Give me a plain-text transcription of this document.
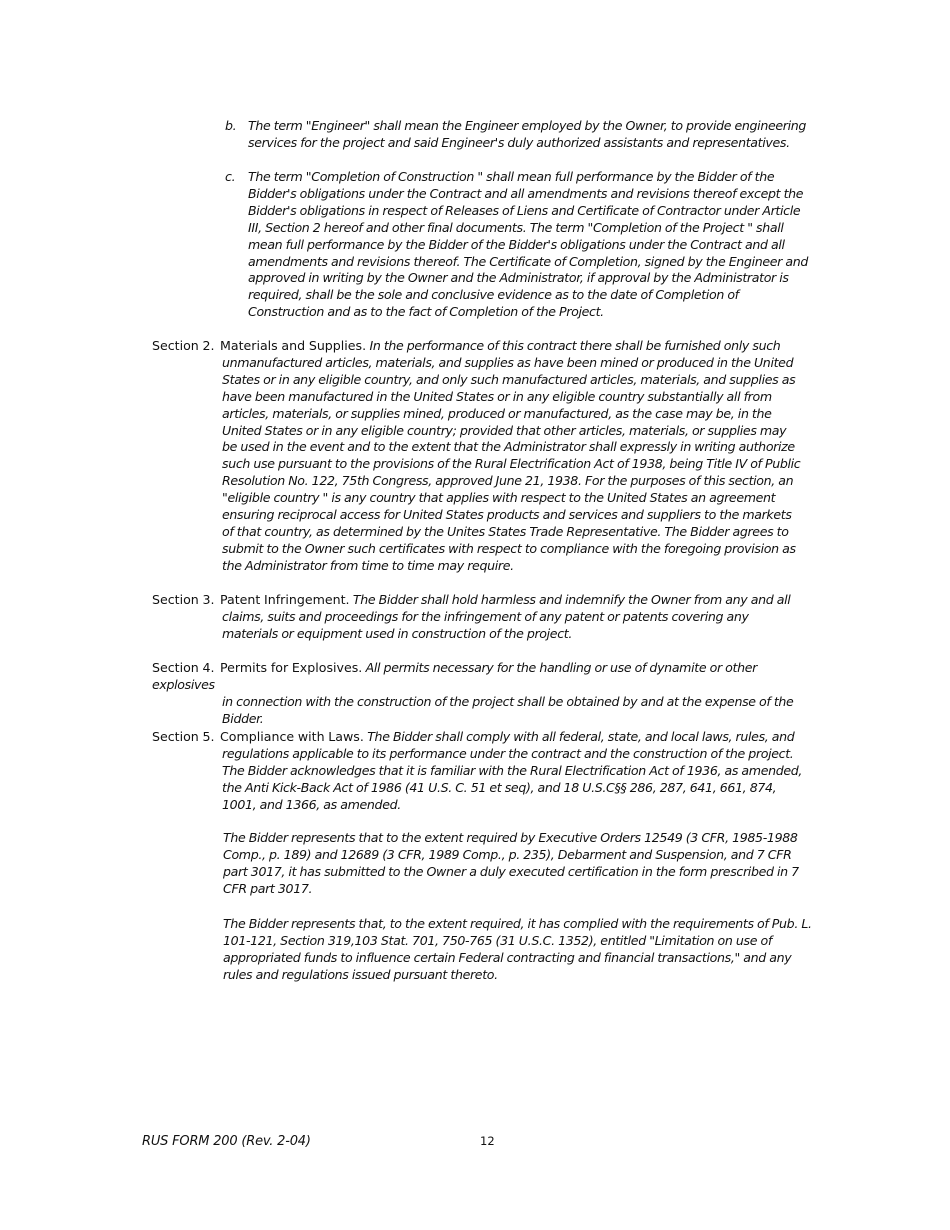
b. The term "Engineer" shall mean the Engineer employed by the Owner, to provide engineering services for the project and said Engineer's duly authorized assistants and representatives.
c. The term "Completion of Construction " shall mean full performance by the Bidder of the Bidder's obligations under the Contract and all amendments and revisions thereof except the Bidder's obligations in respect of Releases of Liens and Certificate of Contractor under Article III, Section 2 hereof and other final documents. The term "Completion of the Project " shall mean full performance by the Bidder of the Bidder's obligations under the Contract and all amendments and revisions thereof. The Certificate of Completion, signed by the Engineer and approved in writing by the Owner and the Administrator, if approval by the Administrator is required, shall be the sole and conclusive evidence as to the date of Completion of Construction and as to the fact of Completion of the Project.
Section 2. Materials and Supplies. In the performance of this contract there shall be furnished only such
unmanufactured articles, materials, and supplies as have been mined or produced in the United States or in any eligible country, and only such manufactured articles, materials, and supplies as have been manufactured in the United States or in any eligible country substantially all from articles, materials, or supplies mined, produced or manufactured, as the case may be, in the United States or in any eligible country; provided that other articles, materials, or supplies may be used in the event and to the extent that the Administrator shall expressly in writing authorize such use pursuant to the provisions of the Rural Electrification Act of 1938, being Title IV of Public Resolution No. 122, 75th Congress, approved June 21, 1938. For the purposes of this section, an "eligible country " is any country that applies with respect to the United States an agreement ensuring reciprocal access for United States products and services and suppliers to the markets of that country, as determined by the Unites States Trade Representative. The Bidder agrees to submit to the Owner such certificates with respect to compliance with the foregoing provision as the Administrator from time to time may require.
Section 3. Patent Infringement. The Bidder shall hold harmless and indemnify the Owner from any and all
claims, suits and proceedings for the infringement of any patent or patents covering any materials or equipment used in construction of the project.
Section 4. Permits for Explosives. All permits necessary for the handling or use of dynamite or other explosives
in connection with the construction of the project shall be obtained by and at the expense of the Bidder.
Section 5. Compliance with Laws. The Bidder shall comply with all federal, state, and local laws, rules, and
regulations applicable to its performance under the contract and the construction of the project. The Bidder acknowledges that it is familiar with the Rural Electrification Act of 1936, as amended, the Anti Kick-Back Act of 1986 (41 U.S. C. 51 et seq), and 18 U.S.C§§ 286, 287, 641, 661, 874, 1001, and 1366, as amended.
The Bidder represents that to the extent required by Executive Orders 12549 (3 CFR, 1985-1988 Comp., p. 189) and 12689 (3 CFR, 1989 Comp., p. 235), Debarment and Suspension, and 7 CFR part 3017, it has submitted to the Owner a duly executed certification in the form prescribed in 7 CFR part 3017.
The Bidder represents that, to the extent required, it has complied with the requirements of Pub. L. 101-121, Section 319,103 Stat. 701, 750-765 (31 U.S.C. 1352), entitled "Limitation on use of appropriated funds to influence certain Federal contracting and financial transactions," and any rules and regulations issued pursuant thereto.
RUS FORM 200 (Rev. 2-04)	12
